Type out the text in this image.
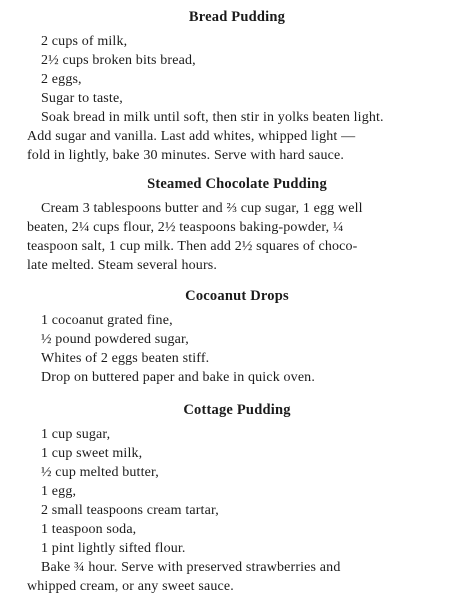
Bread Pudding
2 cups of milk,
2½ cups broken bits bread,
2 eggs,
Sugar to taste,
Soak bread in milk until soft, then stir in yolks beaten light.
Add sugar and vanilla. Last add whites, whipped light —
fold in lightly, bake 30 minutes. Serve with hard sauce.
Steamed Chocolate Pudding
Cream 3 tablespoons butter and ⅔ cup sugar, 1 egg well
beaten, 2¼ cups flour, 2½ teaspoons baking-powder, ¼
teaspoon salt, 1 cup milk. Then add 2½ squares of choco-
late melted. Steam several hours.
Cocoanut Drops
1 cocoanut grated fine,
½ pound powdered sugar,
Whites of 2 eggs beaten stiff.
Drop on buttered paper and bake in quick oven.
Cottage Pudding
1 cup sugar,
1 cup sweet milk,
½ cup melted butter,
1 egg,
2 small teaspoons cream tartar,
1 teaspoon soda,
1 pint lightly sifted flour.
Bake ¾ hour. Serve with preserved strawberries and
whipped cream, or any sweet sauce.
